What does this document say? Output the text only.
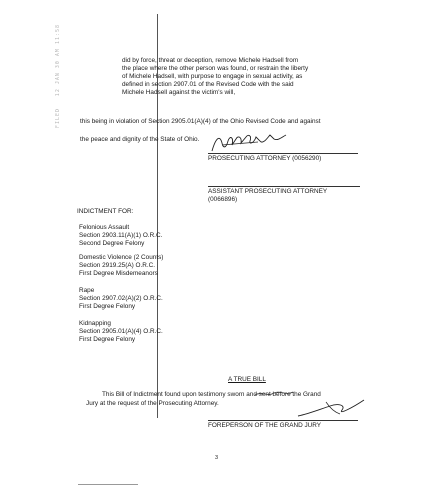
12 JAN 30 AM 11:58
FILED
did by force, threat or deception, remove Michele Hadsell from
the place where the other person was found, or restrain the liberty
of Michele Hadsell, with purpose to engage in sexual activity, as
defined in section 2907.01 of the Revised Code with the said
Michele Hadsell against the victim's will,
this being in violation of Section 2905.01(A)(4) of the Ohio Revised Code and against
the peace and dignity of the State of Ohio.
PROSECUTING ATTORNEY (0056290)
ASSISTANT PROSECUTING ATTORNEY
(0066896)
INDICTMENT FOR:
Felonious Assault
Section 2903.11(A)(1) O.R.C.
Second Degree Felony
Domestic Violence (2 Counts)
Section 2919.25(A) O.R.C.
First Degree Misdemeanors
Rape
Section 2907.02(A)(2) O.R.C.
First Degree Felony
Kidnapping
Section 2905.01(A)(4) O.R.C.
First Degree Felony
A TRUE BILL
This Bill of Indictment found upon testimony sworn and sent before the Grand
Jury at the request of the Prosecuting Attorney.
FOREPERSON OF THE GRAND JURY
3
